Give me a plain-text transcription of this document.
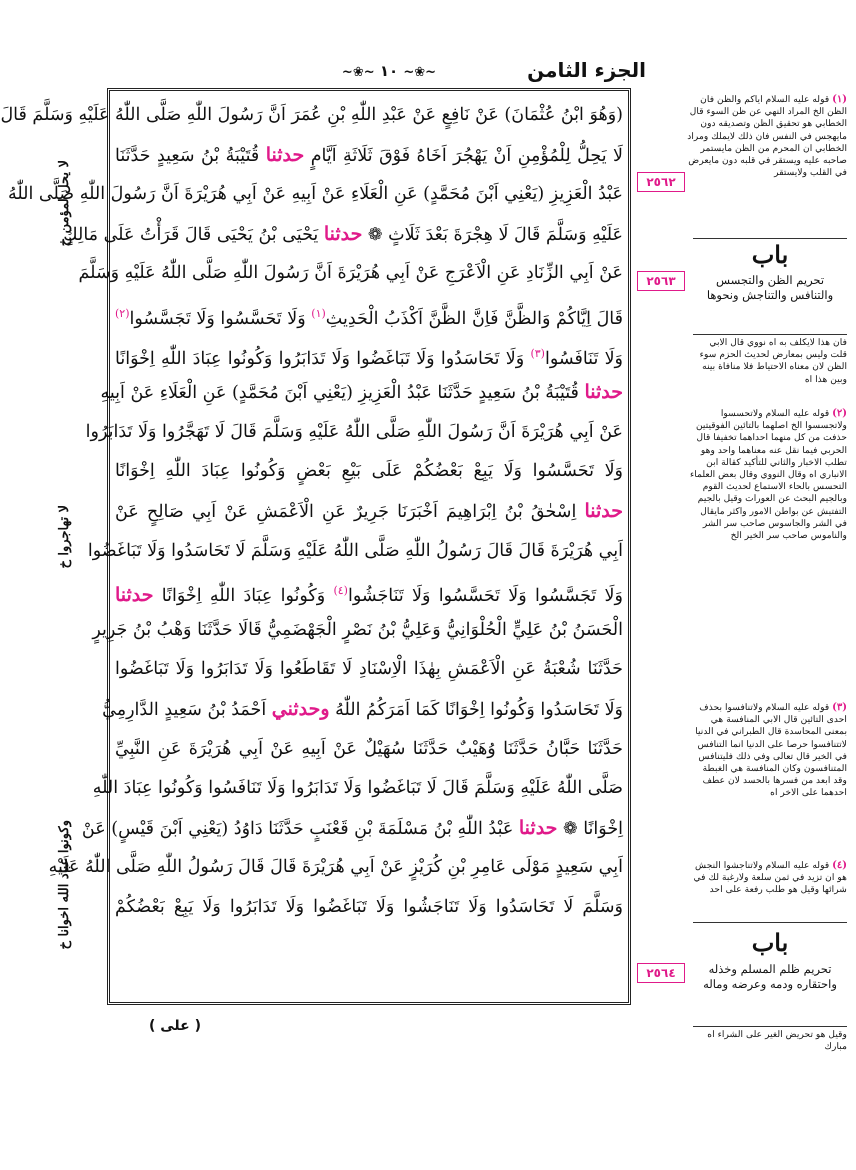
الجزء الثامن
~❀~ ١٠ ~❀~
(وَهُوَ ابْنُ عُثْمَانَ) عَنْ نَافِعٍ عَنْ عَبْدِ اللّٰهِ بْنِ عُمَرَ اَنَّ رَسُولَ اللّٰهِ صَلَّى اللّٰهُ عَلَيْهِ وَسَلَّمَ قَالَ
لَا يَحِلُّ لِلْمُؤْمِنِ اَنْ يَهْجُرَ اَخَاهُ فَوْقَ ثَلَاثَةِ اَيَّامٍ حدثنا قُتَيْبَةُ بْنُ سَعِيدٍ حَدَّثَنَا
عَبْدُ الْعَزِيزِ (يَعْنِي اَبْنَ مُحَمَّدٍ) عَنِ الْعَلَاءِ عَنْ اَبِيهِ عَنْ اَبِي هُرَيْرَةَ اَنَّ رَسُولَ اللّٰهِ صَلَّى اللّٰهُ
عَلَيْهِ وَسَلَّمَ قَالَ لَا هِجْرَةَ بَعْدَ ثَلَاثٍ ❁ حدثنا يَحْيَى بْنُ يَحْيَى قَالَ قَرَأْتُ عَلَى مَالِكٍ
عَنْ اَبِي الزِّنَادِ عَنِ الْاَعْرَجِ عَنْ اَبِي هُرَيْرَةَ اَنَّ رَسُولَ اللّٰهِ صَلَّى اللّٰهُ عَلَيْهِ وَسَلَّمَ
قَالَ اِيَّاكُمْ وَالظَّنَّ فَاِنَّ الظَّنَّ اَكْذَبُ الْحَدِيثِ$^{(١)}$ وَلَا تَحَسَّسُوا وَلَا تَجَسَّسُوا$^{(٢)}$
وَلَا تَنَافَسُوا$^{(٣)}$ وَلَا تَحَاسَدُوا وَلَا تَبَاغَضُوا وَلَا تَدَابَرُوا وَكُونُوا عِبَادَ اللّٰهِ اِخْوَانًا
حدثنا قُتَيْبَةُ بْنُ سَعِيدٍ حَدَّثَنَا عَبْدُ الْعَزِيزِ (يَعْنِي اَبْنَ مُحَمَّدٍ) عَنِ الْعَلَاءِ عَنْ اَبِيهِ
عَنْ اَبِي هُرَيْرَةَ اَنَّ رَسُولَ اللّٰهِ صَلَّى اللّٰهُ عَلَيْهِ وَسَلَّمَ قَالَ لَا تَهَجَّرُوا وَلَا تَدَابَرُوا
وَلَا تَحَسَّسُوا وَلَا يَبِعْ بَعْضُكُمْ عَلَى بَيْعِ بَعْضٍ وَكُونُوا عِبَادَ اللّٰهِ اِخْوَانًا
حدثنا اِسْحٰقُ بْنُ اِبْرَاهِيمَ اَخْبَرَنَا جَرِيرٌ عَنِ الْاَعْمَشِ عَنْ اَبِي صَالِحٍ عَنْ
اَبِي هُرَيْرَةَ قَالَ قَالَ رَسُولُ اللّٰهِ صَلَّى اللّٰهُ عَلَيْهِ وَسَلَّمَ لَا تَحَاسَدُوا وَلَا تَبَاغَضُوا
وَلَا تَجَسَّسُوا وَلَا تَحَسَّسُوا وَلَا تَنَاجَشُوا$^{(٤)}$ وَكُونُوا عِبَادَ اللّٰهِ اِخْوَانًا حدثنا
الْحَسَنُ بْنُ عَلِيٍّ الْحُلْوَانِيُّ وَعَلِيُّ بْنُ نَصْرٍ الْجَهْضَمِيُّ قَالَا حَدَّثَنَا وَهْبُ بْنُ جَرِيرٍ
حَدَّثَنَا شُعْبَةُ عَنِ الْاَعْمَشِ بِهٰذَا الْاِسْنَادِ لَا تَقَاطَعُوا وَلَا تَدَابَرُوا وَلَا تَبَاغَضُوا
وَلَا تَحَاسَدُوا وَكُونُوا اِخْوَانًا كَمَا اَمَرَكُمُ اللّٰهُ وحدثني اَحْمَدُ بْنُ سَعِيدٍ الدَّارِمِيُّ
حَدَّثَنَا حَبَّانُ حَدَّثَنَا وُهَيْبٌ حَدَّثَنَا سُهَيْلٌ عَنْ اَبِيهِ عَنْ اَبِي هُرَيْرَةَ عَنِ النَّبِيِّ
صَلَّى اللّٰهُ عَلَيْهِ وَسَلَّمَ قَالَ لَا تَبَاغَضُوا وَلَا تَدَابَرُوا وَلَا تَنَافَسُوا وَكُونُوا عِبَادَ اللّٰهِ
اِخْوَانًا ❁ حدثنا عَبْدُ اللّٰهِ بْنُ مَسْلَمَةَ بْنِ قَعْنَبٍ حَدَّثَنَا دَاوُدُ (يَعْنِي اَبْنَ قَيْسٍ) عَنْ
اَبِي سَعِيدٍ مَوْلَى عَامِرِ بْنِ كُرَيْزٍ عَنْ اَبِي هُرَيْرَةَ قَالَ قَالَ رَسُولُ اللّٰهِ صَلَّى اللّٰهُ عَلَيْهِ
وَسَلَّمَ لَا تَحَاسَدُوا وَلَا تَنَاجَشُوا وَلَا تَبَاغَضُوا وَلَا تَدَابَرُوا وَلَا يَبِعْ بَعْضُكُمْ
لا يحل لمؤمن خ
لا تهاجروا خ
وكونوا عباد الله اخوانا خ
٢٥٦٢
٢٥٦٣
٢٥٦٤
(١) قوله عليه السلام اياكم والظن فان الظن الخ المراد النهي عن ظن السوء قال الخطابي هو تحقيق الظن وتصديقه دون مايهجس في النفس فان ذلك لايملك ومراد الخطابي ان المحرم من الظن مايستمر صاحبه عليه ويستقر في قلبه دون مايعرض في القلب ولايستقر
باب
تحريم الظن والتجسس والتنافس والتناجش ونحوها
فان هذا لايكلف به اه نووي قال الابي قلت وليس بمعارض لحديث الحزم سوء الظن لان معناه الاحتياط فلا منافاة بينه وبين هذا اه
(٢) قوله عليه السلام ولاتحسسوا ولاتجسسوا الخ اصلهما بالتائين الفوقيتين حذفت من كل منهما احداهما تخفيفا قال الحربي فيما نقل عنه معناهما واحد وهو تطلب الاخبار والثاني للتأكيد كقالة ابن الانباري اه وقال النووي وقال بعض العلماء التحسس بالحاء الاستماع لحديث القوم وبالجيم البحث عن العورات وقيل بالجيم التفتيش عن بواطن الامور واكثر مايقال في الشر والجاسوس صاحب سر الشر والناموس صاحب سر الخير الخ
(٣) قوله عليه السلام ولاتنافسوا بحذف احدى التائين قال الابي المنافسة هي بمعنى المحاسدة قال الطبراني في الدنيا لاتتنافسوا حرصا على الدنيا انما التنافس في الخير قال تعالى وفي ذلك فليتنافس المتنافسون وكان المنافسة هي الغبطة وقد ابعد من فسرها بالحسد لان عطف احدهما على الاخر اه
(٤) قوله عليه السلام ولاتناجشوا النجش هو ان تزيد في ثمن سلعة ولارغبة لك في شرائها وقيل هو طلب رفعة على احد
باب
تحريم ظلم المسلم وخذله واحتقاره ودمه وعرضه وماله
وقيل هو تحريض الغير على الشراء اه مبارك
( على )
